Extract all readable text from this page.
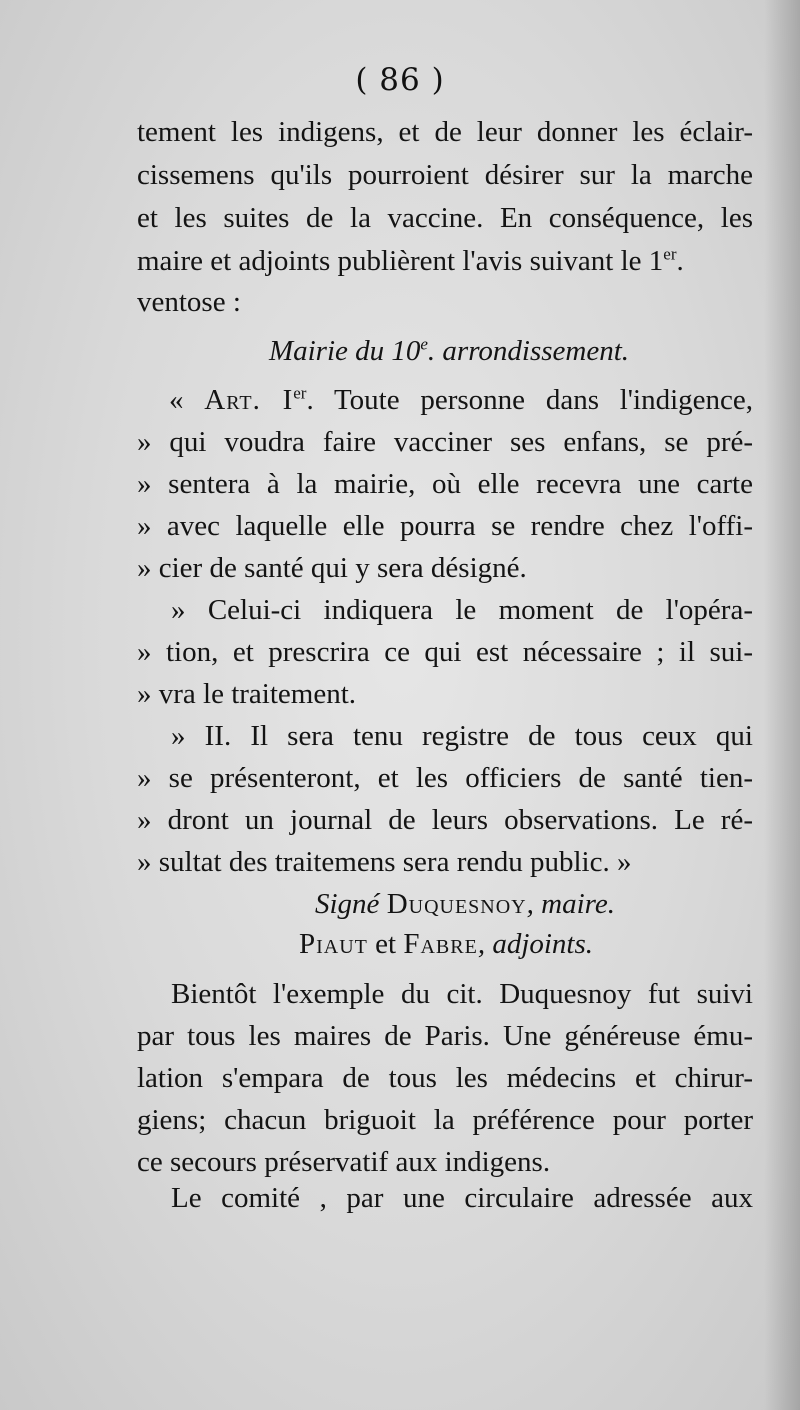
( 86 )
tement les indigens, et de leur donner les éclair-
cissemens qu'ils pourroient désirer sur la marche
et les suites de la vaccine. En conséquence, les
maire et adjoints publièrent l'avis suivant le 1er.
ventose :
Mairie du 10e. arrondissement.
« Art. Ier. Toute personne dans l'indigence,
» qui voudra faire vacciner ses enfans, se pré-
» sentera à la mairie, où elle recevra une carte
» avec laquelle elle pourra se rendre chez l'offi-
» cier de santé qui y sera désigné.
» Celui-ci indiquera le moment de l'opéra-
» tion, et prescrira ce qui est nécessaire ; il sui-
» vra le traitement.
» II. Il sera tenu registre de tous ceux qui
» se présenteront, et les officiers de santé tien-
» dront un journal de leurs observations. Le ré-
» sultat des traitemens sera rendu public. »
Signé Duquesnoy, maire.
Piaut et Fabre, adjoints.
Bientôt l'exemple du cit. Duquesnoy fut suivi
par tous les maires de Paris. Une généreuse ému-
lation s'empara de tous les médecins et chirur-
giens; chacun briguoit la préférence pour porter
ce secours préservatif aux indigens.
Le comité , par une circulaire adressée aux
